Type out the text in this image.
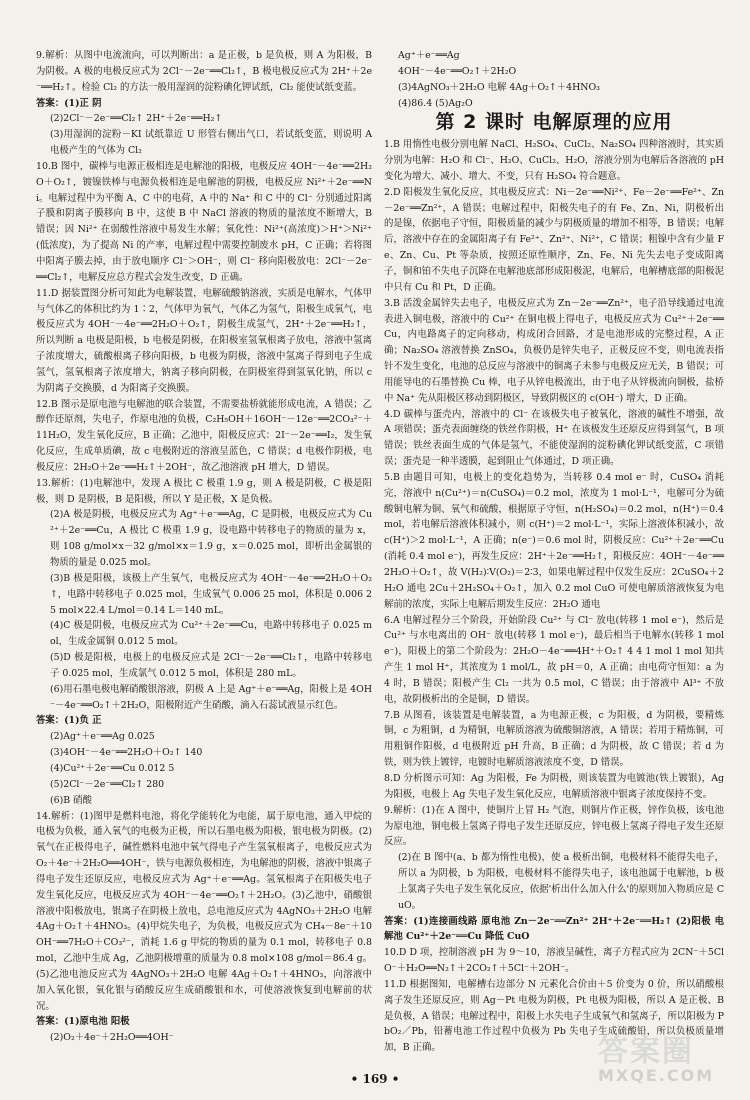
9.解析：从图中电流流向，可以判断出：a 是正极，b 是负极，则 A 为阳极，B 为阴极。A 极的电极反应式为 2Cl⁻－2e⁻══Cl₂↑，B 极电极反应式为 2H⁺＋2e⁻══H₂↑。检验 Cl₂ 的方法一般用湿润的淀粉碘化钾试纸，Cl₂ 能使试纸变蓝。

答案：(1)正 阴

(2)2Cl⁻－2e⁻══Cl₂↑ 2H⁺＋2e⁻══H₂↑

(3)用湿润的淀粉－KI 试纸靠近 U 形管右侧出气口，若试纸变蓝，则说明 A 电极产生的气体为 Cl₂

10.B 图中，碳棒与电源正极相连是电解池的阳极，电极反应 4OH⁻－4e⁻══2H₂O＋O₂↑，镀镍铁棒与电源负极相连是电解池的阴极，电极反应 Ni²⁺＋2e⁻══Ni。电解过程中为平衡 A、C 中的电荷，A 中的 Na⁺ 和 C 中的 Cl⁻ 分别通过阳离子膜和阴离子膜移向 B 中，这使 B 中 NaCl 溶液的物质的量浓度不断增大，B 错误；因 Ni²⁺ 在弱酸性溶液中易发生水解；氧化性：Ni²⁺(高浓度)＞H⁺＞Ni²⁺(低浓度)，为了提高 Ni 的产率，电解过程中需要控制废水 pH，C 正确；若将图中阳离子膜去掉，由于放电顺序 Cl⁻＞OH⁻，则 Cl⁻ 移向阳极放电：2Cl⁻－2e⁻══Cl₂↑，电解反应总方程式会发生改变，D 正确。

11.D 据装置图分析可知此为电解装置，电解硫酸钠溶液，实质是电解水，气体甲与气体乙的体积比约为 1∶2，气体甲为氧气，气体乙为氢气，阳极生成氧气，电极反应式为 4OH⁻－4e⁻══2H₂O＋O₂↑，阴极生成氢气，2H⁺＋2e⁻══H₂↑，所以判断 a 电极是阳极，b 电极是阴极，在阳极室氢氧根离子放电，溶液中氢离子浓度增大，硫酸根离子移向阳极，b 电极为阴极，溶液中氢离子得到电子生成氢气，氢氧根离子浓度增大，钠离子移向阴极，在阴极室得到氢氧化钠，所以 c 为阴离子交换膜，d 为阳离子交换膜。

12.B 图示是原电池与电解池的联合装置，不需要盐桥就能形成电流，A 错误；乙醇作还原剂，失电子，作原电池的负极，C₂H₅OH＋16OH⁻－12e⁻══2CO₃²⁻＋11H₂O，发生氧化反应，B 正确；乙池中，阳极反应式：2I⁻－2e⁻══I₂，发生氧化反应，生成单质碘，故 c 电极附近的溶液呈蓝色，C 错误；d 电极作阴极，电极反应：2H₂O＋2e⁻══H₂↑＋2OH⁻，故乙池溶液 pH 增大，D 错误。

13.解析：(1)电解池中，发现 A 极比 C 极重 1.9 g，则 A 极是阴极，C 极是阳极，则 D 是阴极，B 是阳极，所以 Y 是正极，X 是负极。

(2)A 极是阴极，电极反应式为 Ag⁺＋e⁻══Ag，C 是阴极，电极反应式为 Cu²⁺＋2e⁻══Cu，A 极比 C 极重 1.9 g，设电路中转移电子的物质的量为 x，则 108 g/mol×x－32 g/mol×x＝1.9 g，x＝0.025 mol，即析出金属银的物质的量是 0.025 mol。

(3)B 极是阳极，该极上产生氧气，电极反应式为 4OH⁻－4e⁻══2H₂O＋O₂↑，电路中转移电子 0.025 mol，生成氧气 0.006 25 mol，体积是 0.006 25 mol×22.4 L/mol＝0.14 L＝140 mL。

(4)C 极是阴极，电极反应式为 Cu²⁺＋2e⁻══Cu，电路中转移电子 0.025 mol，生成金属铜 0.012 5 mol。

(5)D 极是阳极，电极上的电极反应式是 2Cl⁻－2e⁻══Cl₂↑，电路中转移电子 0.025 mol，生成氯气 0.012 5 mol，体积是 280 mL。

(6)用石墨电极电解硝酸银溶液，阴极 A 上是 Ag⁺＋e⁻══Ag，阳极上是 4OH⁻－4e⁻══O₂↑＋2H₂O，阳极附近产生硝酸，滴入石蕊试液显示红色。

答案：(1)负 正

(2)Ag⁺＋e⁻══Ag 0.025

(3)4OH⁻－4e⁻══2H₂O＋O₂↑ 140

(4)Cu²⁺＋2e⁻══Cu 0.012 5

(5)2Cl⁻－2e⁻══Cl₂↑ 280

(6)B 硝酸

14.解析：(1)图甲是燃料电池，将化学能转化为电能，属于原电池，通入甲烷的电极为负极，通入氧气的电极为正极，所以石墨电极为阳极，银电极为阴极。(2)氧气在正极得电子，碱性燃料电池中氧气得电子产生氢氧根离子，电极反应式为 O₂＋4e⁻＋2H₂O══4OH⁻，铁与电源负极相连，为电解池的阴极，溶液中银离子得电子发生还原反应，电极反应式为 Ag⁺＋e⁻══Ag。氢氧根离子在阳极失电子发生氧化反应，电极反应式为 4OH⁻－4e⁻══O₂↑＋2H₂O。(3)乙池中，硝酸银溶液中阳极放电，银离子在阴极上放电，总电池反应式为 4AgNO₃＋2H₂O 电解 4Ag＋O₂↑＋4HNO₃。(4)甲烷失电子，为负极，电极反应式为 CH₄－8e⁻＋10OH⁻══7H₂O＋CO₃²⁻，消耗 1.6 g 甲烷的物质的量为 0.1 mol，转移电子 0.8 mol，乙池中生成 Ag，乙池阴极增重的质量为 0.8 mol×108 g/mol＝86.4 g。(5)乙池电池反应式为 4AgNO₃＋2H₂O 电解 4Ag＋O₂↑＋4HNO₃，向溶液中加入氧化银，氧化银与硝酸反应生成硝酸银和水，可使溶液恢复到电解前的状况。

答案：(1)原电池 阳极

(2)O₂＋4e⁻＋2H₂O══4OH⁻

Ag⁺＋e⁻══Ag

4OH⁻－4e⁻══O₂↑＋2H₂O

(3)4AgNO₃＋2H₂O 电解 4Ag＋O₂↑＋4HNO₃

(4)86.4 (5)Ag₂O

第 2 课时 电解原理的应用

1.B 用惰性电极分别电解 NaCl、H₂SO₄、CuCl₂、Na₂SO₄ 四种溶液时，其实质分别为电解：H₂O 和 Cl⁻、H₂O、CuCl₂、H₂O，溶液分别为电解后各溶液的 pH 变化为增大、减小、增大、不变，只有 H₂SO₄ 符合题意。

2.D 阳极发生氧化反应，其电极反应式：Ni－2e⁻══Ni²⁺、Fe－2e⁻══Fe²⁺、Zn－2e⁻══Zn²⁺，A 错误；电解过程中，阳极失电子的有 Fe、Zn、Ni，阴极析出的是镍，依据电子守恒，阳极质量的减少与阴极质量的增加不相等，B 错误；电解后，溶液中存在的金属阳离子有 Fe²⁺、Zn²⁺、Ni²⁺，C 错误；粗镍中含有少量 Fe、Zn、Cu、Pt 等杂质，按照还原性顺序，Zn、Fe、Ni 先失去电子变成阳离子，铜和铂不失电子沉降在电解池底部形成阳极泥，电解后，电解槽底部的阳极泥中只有 Cu 和 Pt，D 正确。

3.B 活泼金属锌失去电子，电极反应式为 Zn－2e⁻══Zn²⁺，电子沿导线通过电流表进入铜电极，溶液中的 Cu²⁺ 在铜电极上得电子，电极反应式为 Cu²⁺＋2e⁻══Cu，内电路离子的定向移动，构成闭合回路，才是电池形成的完整过程，A 正确；Na₂SO₄ 溶液替换 ZnSO₄，负极仍是锌失电子，正极反应不变，则电流表指针不发生变化，电池的总反应与溶液中的铜离子未参与电极反应无关，B 错误；可用能导电的石墨替换 Cu 棒，电子从锌电极流出，由于电子从锌极流向铜极，盐桥中 Na⁺ 先从阳极区移动到阴极区，导致阴极区的 c(OH⁻) 增大，D 正确。

4.D 碳棒与蛋壳内，溶液中的 Cl⁻ 在该极失电子被氧化，溶液的碱性不增强，故 A 项错误；蛋壳表面缠绕的铁丝作阴极，H⁺ 在该极发生还原反应得到氢气，B 项错误；铁丝表面生成的气体是氢气，不能使湿润的淀粉碘化钾试纸变蓝，C 项错误；蛋壳是一种半透膜，起到阻止气体通过，D 项正确。

5.B 由题目可知，电极上的变化趋势为，当转移 0.4 mol e⁻ 时，CuSO₄ 消耗完，溶液中 n(Cu²⁺)＝n(CuSO₄)＝0.2 mol，浓度为 1 mol·L⁻¹，电解可分为硫酸铜电解为铜、氧气和硫酸，根据原子守恒，n(H₂SO₄)＝0.2 mol，n(H⁺)＝0.4 mol，若电解后溶液体积减小，则 c(H⁺)＝2 mol·L⁻¹，实际上溶液体积减小，故 c(H⁺)＞2 mol·L⁻¹，A 正确；n(e⁻)＝0.6 mol 时，阴极反应：Cu²⁺＋2e⁻══Cu(消耗 0.4 mol e⁻)，再发生反应：2H⁺＋2e⁻══H₂↑，阳极反应：4OH⁻－4e⁻══2H₂O＋O₂↑，故 V(H₂)∶V(O₂)＝2∶3，如果电解过程中仅发生反应：2CuSO₄＋2H₂O 通电 2Cu＋2H₂SO₄＋O₂↑，加入 0.2 mol CuO 可使电解质溶液恢复为电解前的浓度，实际上电解后期发生反应：2H₂O 通电

6.A 电解过程分三个阶段，开始阶段 Cu²⁺ 与 Cl⁻ 放电(转移 1 mol e⁻)，然后是 Cu²⁺ 与水电离出的 OH⁻ 放电(转移 1 mol e⁻)，最后相当于电解水(转移 1 mol e⁻)，阳极上的第二个阶段为：2H₂O－4e⁻══4H⁺＋O₂↑ 4 4 1 mol 1 mol 知共产生 1 mol H⁺，其浓度为 1 mol/L，故 pH＝0，A 正确；由电荷守恒知：a 为 4 时，B 错误；阳极产生 Cl₂ 一共为 0.5 mol，C 错误；由于溶液中 Al³⁺ 不放电，故阴极析出的全是铜，D 错误。

7.B 从图看，该装置是电解装置，a 为电源正极，c 为阳极，d 为阴极，要精炼铜，c 为粗铜，d 为精铜，电解质溶液为硫酸铜溶液，A 错误；若用于精炼铜，可用粗铜作阳极，d 电极附近 pH 升高，B 正确；d 为阴极，故 C 错误；若 d 为铁，则为铁上镀锌，电镀时电解质溶液浓度不变，D 错误。

8.D 分析图示可知：Ag 为阳极，Fe 为阴极，则该装置为电镀池(铁上镀银)，Ag 为阳极，电极上 Ag 失电子发生氧化反应，电解质溶液中银离子浓度保持不变。

9.解析：(1)在 A 图中，使铜片上冒 H₂ 气泡，则铜片作正极，锌作负极，该电池为原电池，铜电极上氢离子得电子发生还原反应，锌电极上氢离子得电子发生还原反应。

(2)在 B 图中(a、b 都为惰性电极)，使 a 极析出铜，电极材料不能得失电子，所以 a 为阴极，b 为阳极，电极材料不能得失电子，该电池属于电解池，b 极上氯离子失电子发生氧化反应，依据'析出什么加入什么'的原则加入物质应是 CuO。

答案：(1)连接画线路 原电池 Zn－2e⁻══Zn²⁺ 2H⁺＋2e⁻══H₂↑ (2)阳极 电解池 Cu²⁺＋2e⁻══Cu 降低 CuO

10.D D 项，控制溶液 pH 为 9～10，溶液呈碱性，离子方程式应为 2CN⁻＋5ClO⁻＋H₂O══N₂↑＋2CO₂↑＋5Cl⁻＋2OH⁻。

11.D 根据图知，电解槽右边部分 N 元素化合价由＋5 价变为 0 价，所以硝酸根离子发生还原反应，则 Ag－Pt 电极为阴极，Pt 电极为阳极，所以 A 是正极、B 是负极，A 错误；电解过程中，阳极上水失电子生成氧气和氢离子，所以阳极为 PbO₂／Pb，铅蓄电池工作过程中负极为 Pb 失电子生成硫酸铅，所以负极质量增加，B 正确。

• 169 •
答案圈
MXQE.COM
